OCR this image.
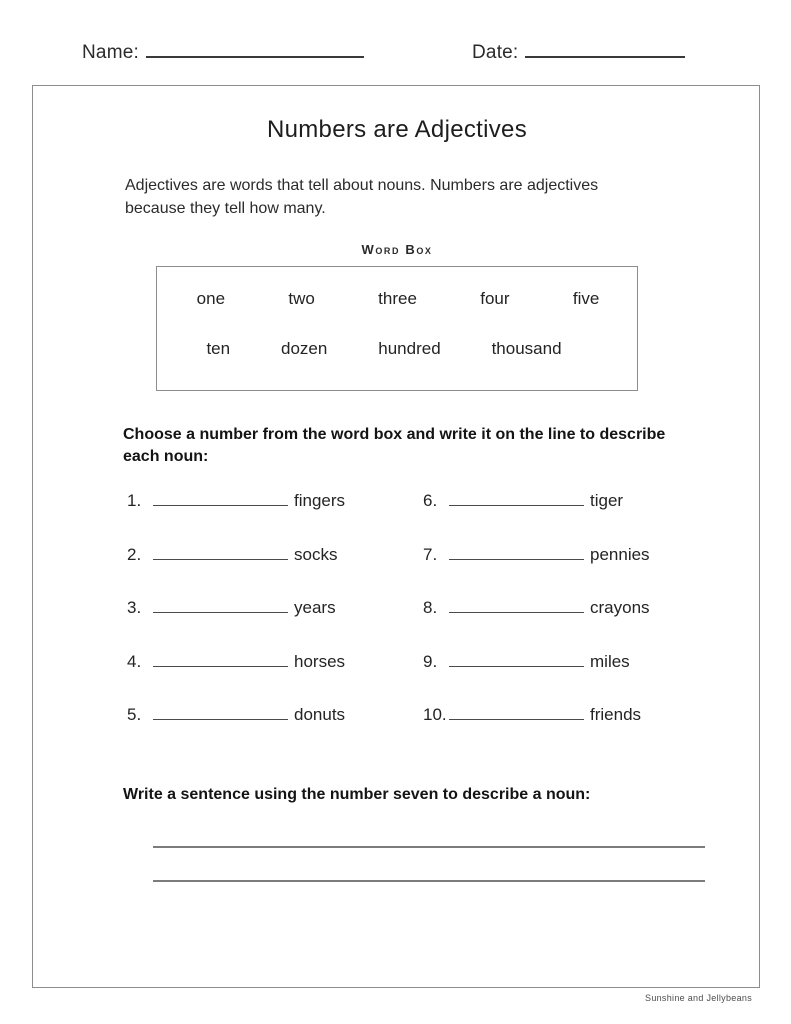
Name:	Date:
Numbers are Adjectives
Adjectives are words that tell about nouns. Numbers are adjectives because they tell how many.
Word Box
one	two	three	four	five
ten	dozen	hundred	thousand
Choose a number from the word box and write it on the line to describe each noun:
1.	fingers
2.	socks
3.	years
4.	horses
5.	donuts
6.	tiger
7.	pennies
8.	crayons
9.	miles
10.	friends
Write a sentence using the number seven to describe a noun:
Sunshine and Jellybeans
